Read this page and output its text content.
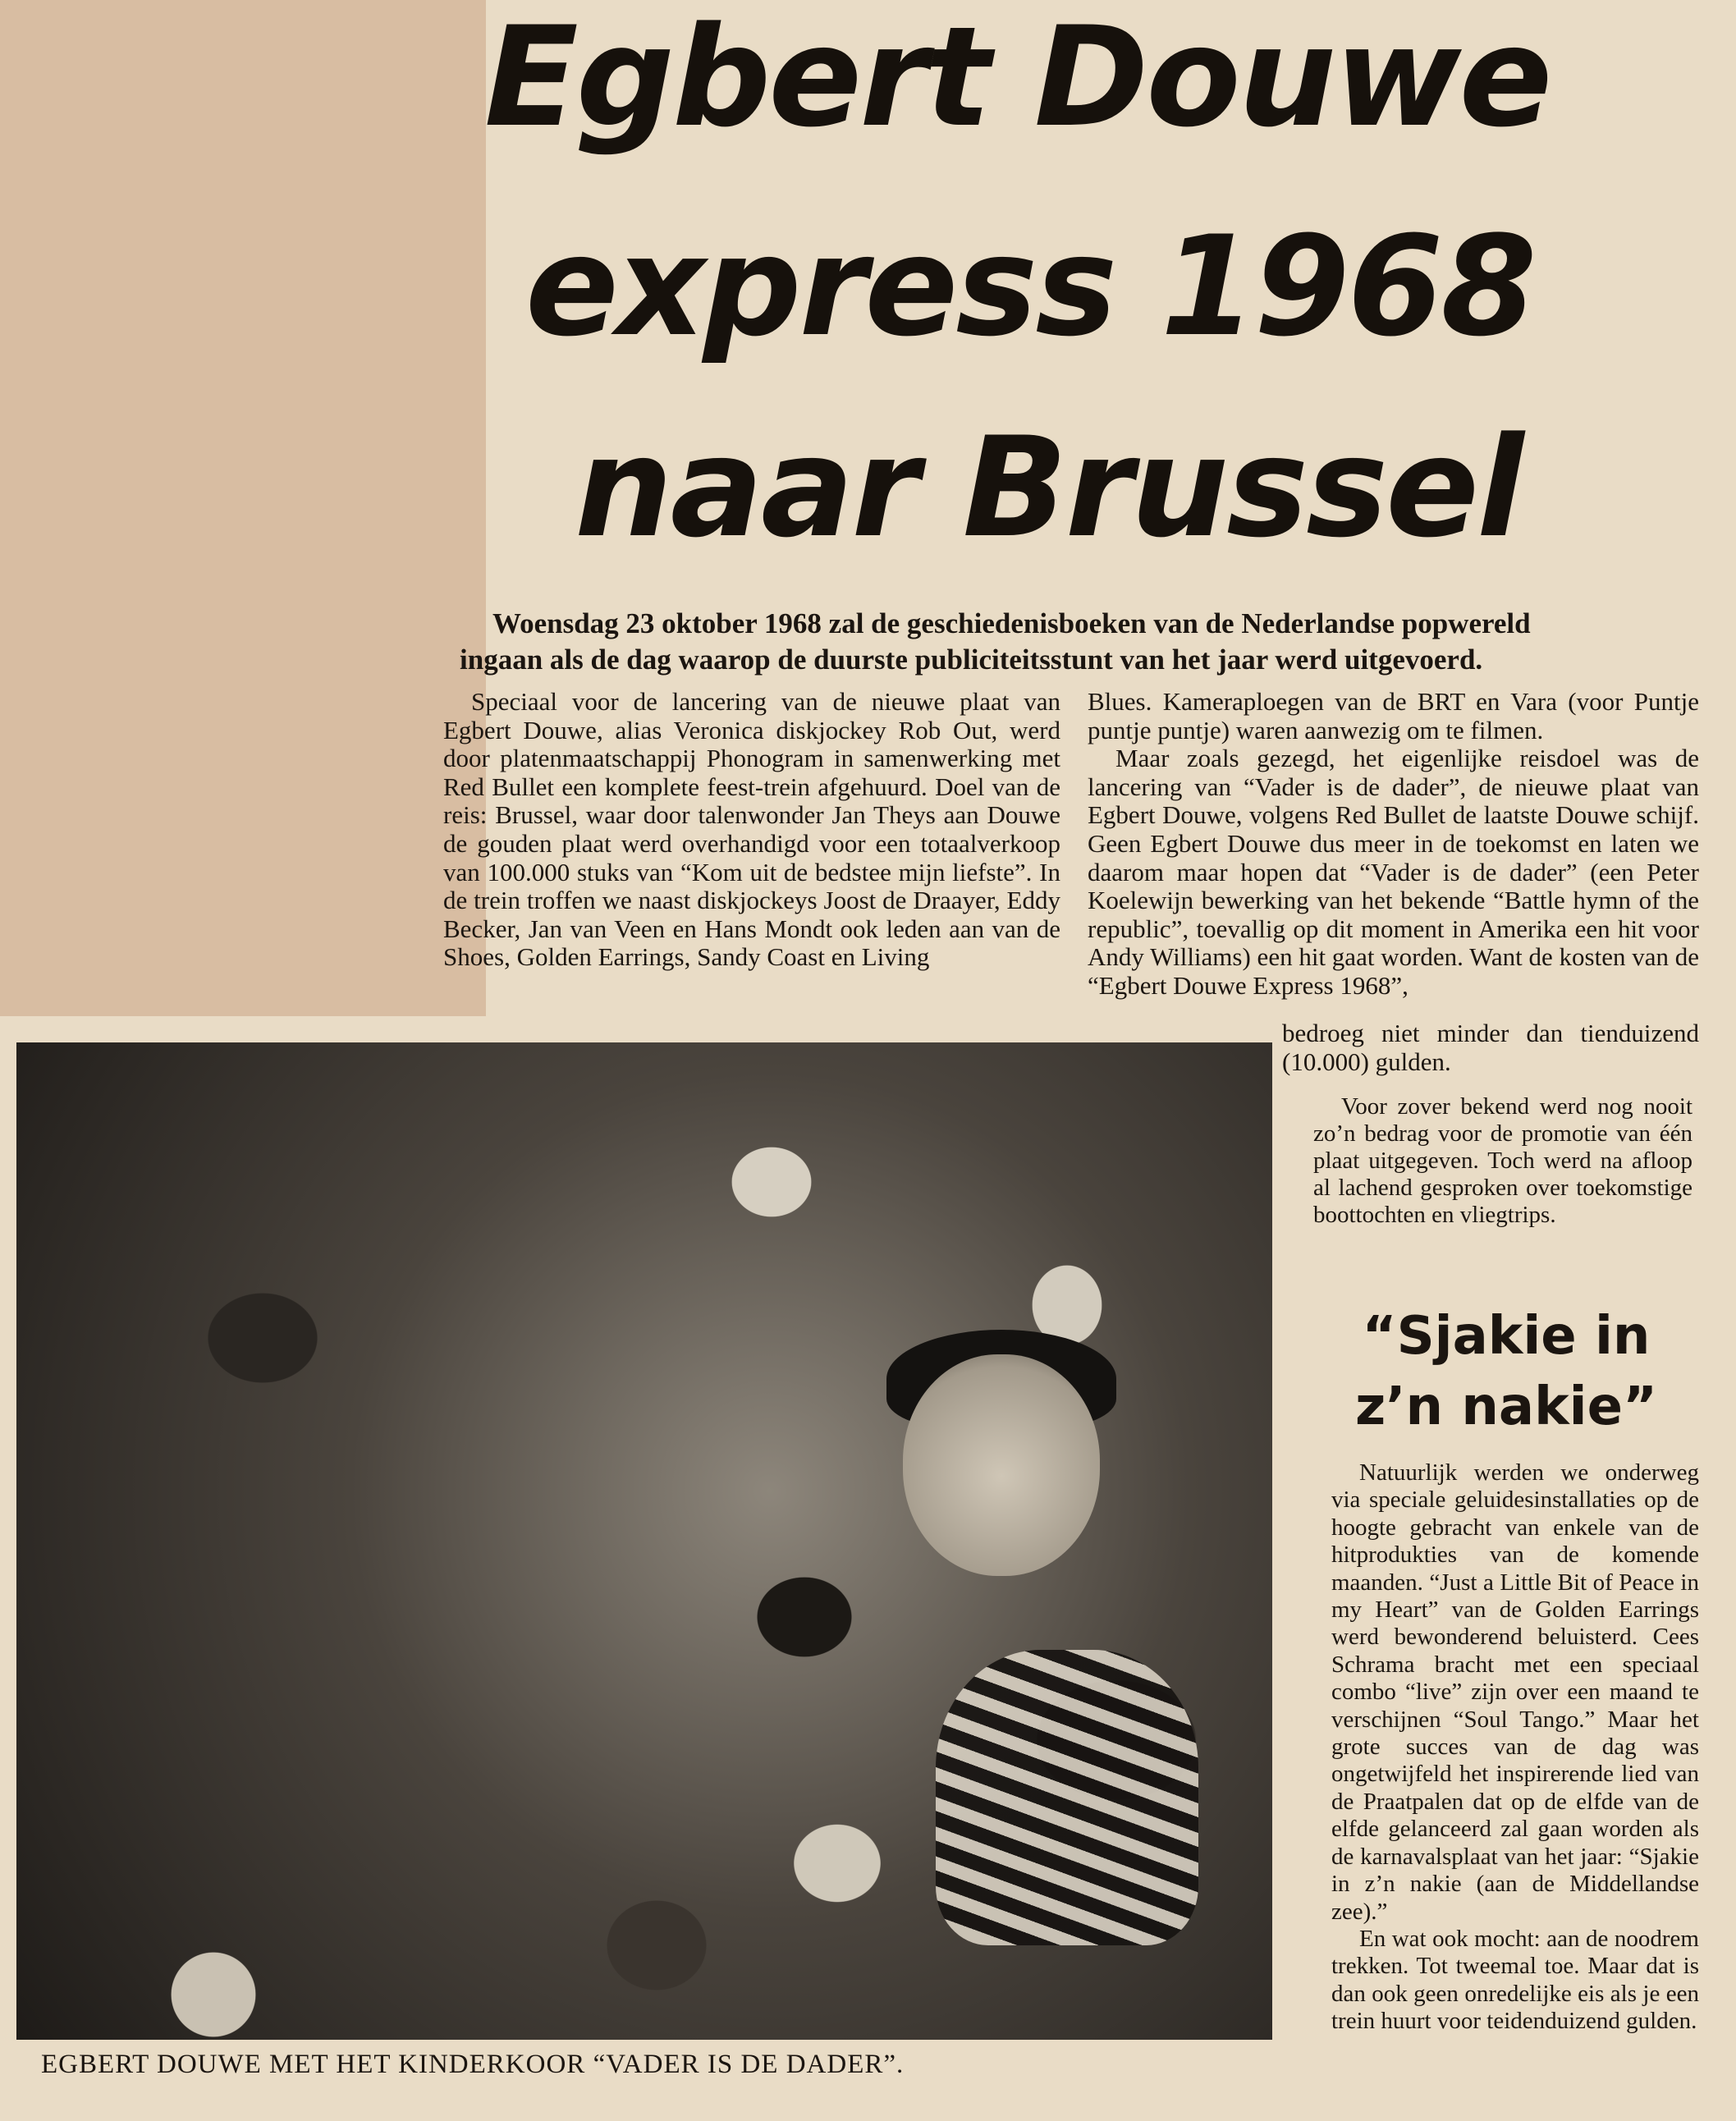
Egbert Douwe
express 1968
naar Brussel
Woensdag 23 oktober 1968 zal de geschiedenisboeken van de Nederlandse popwereld
ingaan als de dag waarop de duurste publiciteitsstunt van het jaar werd uitgevoerd.

Speciaal voor de lancering van de nieuwe plaat van Egbert Douwe, alias Veronica diskjockey Rob Out, werd door platenmaatschappij Phonogram in samenwerking met Red Bullet een komplete feest-trein afgehuurd. Doel van de reis: Brussel, waar door talenwonder Jan Theys aan Douwe de gouden plaat werd overhandigd voor een totaalverkoop van 100.000 stuks van “Kom uit de bedstee mijn liefste”. In de trein troffen we naast diskjockeys Joost de Draayer, Eddy Becker, Jan van Veen en Hans Mondt ook leden aan van de Shoes, Golden Earrings, Sandy Coast en Living

Blues. Kameraploegen van de BRT en Vara (voor Puntje puntje puntje) waren aanwezig om te filmen.

Maar zoals gezegd, het eigenlijke reisdoel was de lancering van “Vader is de dader”, de nieuwe plaat van Egbert Douwe, volgens Red Bullet de laatste Douwe schijf. Geen Egbert Douwe dus meer in de toekomst en laten we daarom maar hopen dat “Vader is de dader” (een Peter Koelewijn bewerking van het bekende “Battle hymn of the republic”, toevallig op dit moment in Amerika een hit voor Andy Williams) een hit gaat worden. Want de kosten van de “Egbert Douwe Express 1968”,

bedroeg niet minder dan tienduizend (10.000) gulden.

Voor zover bekend werd nog nooit zo’n bedrag voor de promotie van één plaat uitgegeven. Toch werd na afloop al lachend gesproken over toekomstige boottochten en vliegtrips.

“Sjakie in
z’n nakie”

Natuurlijk werden we onderweg via speciale geluidesinstallaties op de hoogte gebracht van enkele van de hitprodukties van de komende maanden. “Just a Little Bit of Peace in my Heart” van de Golden Earrings werd bewonderend beluisterd. Cees Schrama bracht met een speciaal combo “live” zijn over een maand te verschijnen “Soul Tango.” Maar het grote succes van de dag was ongetwijfeld het inspirerende lied van de Praatpalen dat op de elfde van de elfde gelanceerd zal gaan worden als de karnavalsplaat van het jaar: “Sjakie in z’n nakie (aan de Middellandse zee).”

En wat ook mocht: aan de noodrem trekken. Tot tweemal toe. Maar dat is dan ook geen onredelijke eis als je een trein huurt voor teidenduizend gulden.

EGBERT DOUWE MET HET KINDERKOOR “VADER IS DE DADER”.
